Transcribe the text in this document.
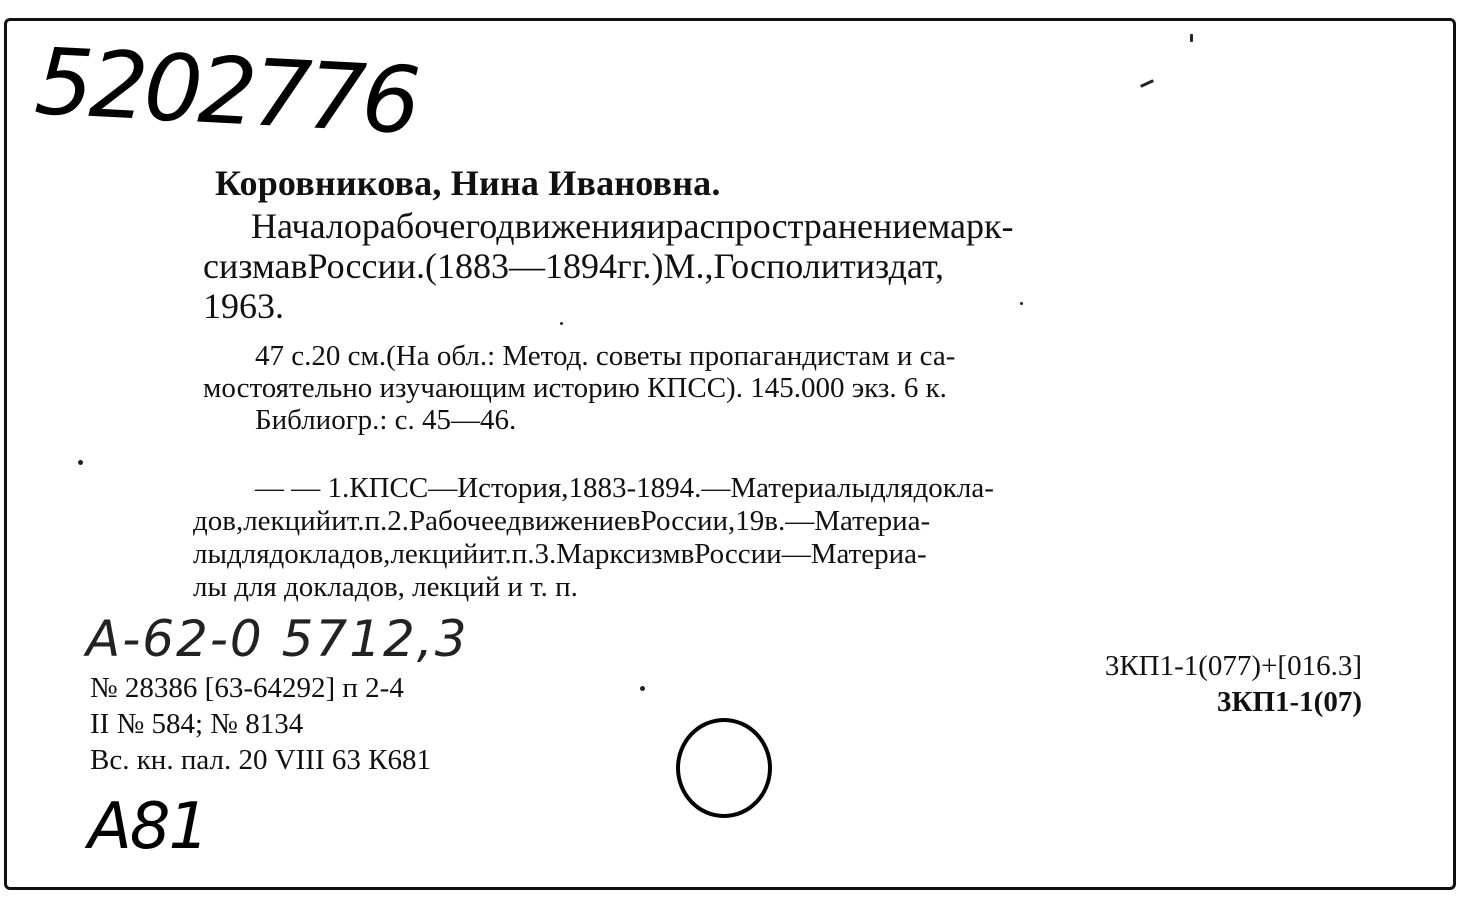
5202776
Коровникова, Нина Ивановна.
Началорабочегодвиженияираспространениемарк-
сизмавРоссии.(1883—1894гг.)М.,Госполитиздат,
1963.
47 с.20 см.(На обл.: Метод. советы пропагандистам и са-
мостоятельно изучающим историю КПСС). 145.000 экз. 6 к.
Библиогр.: с. 45—46.
— — 1.КПСС—История,1883-1894.—Материалыдлядокла-
дов,лекцийит.п.2.РабочеедвижениевРоссии,19в.—Материа-
лыдлядокладов,лекцийит.п.3.МарксизмвРоссии—Материа-
лы для докладов, лекций и т. п.
А-62-0 5712,3
№ 28386 [63-64292] п 2-4
II № 584; № 8134
Вс. кн. пал. 20 VIII 63 К681
3КП1-1(077)+[016.3]
3КП1-1(07)
А81
